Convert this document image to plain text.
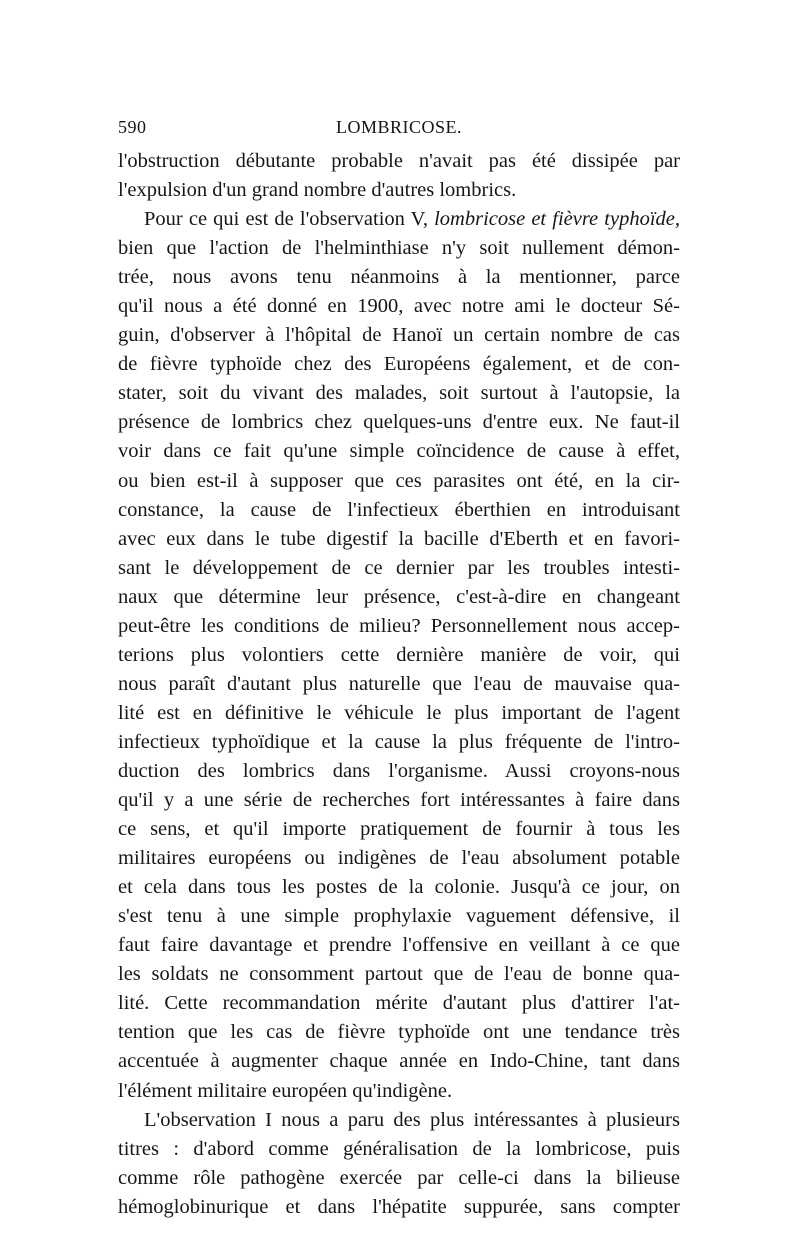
590	LOMBRICOSE.
l'obstruction débutante probable n'avait pas été dissipée par
l'expulsion d'un grand nombre d'autres lombrics.
Pour ce qui est de l'observation V, lombricose et fièvre typhoïde,
bien que l'action de l'helminthiase n'y soit nullement démon-
trée, nous avons tenu néanmoins à la mentionner, parce
qu'il nous a été donné en 1900, avec notre ami le docteur Sé-
guin, d'observer à l'hôpital de Hanoï un certain nombre de cas
de fièvre typhoïde chez des Européens également, et de con-
stater, soit du vivant des malades, soit surtout à l'autopsie, la
présence de lombrics chez quelques-uns d'entre eux. Ne faut-il
voir dans ce fait qu'une simple coïncidence de cause à effet,
ou bien est-il à supposer que ces parasites ont été, en la cir-
constance, la cause de l'infectieux éberthien en introduisant
avec eux dans le tube digestif la bacille d'Eberth et en favori-
sant le développement de ce dernier par les troubles intesti-
naux que détermine leur présence, c'est-à-dire en changeant
peut-être les conditions de milieu? Personnellement nous accep-
terions plus volontiers cette dernière manière de voir, qui
nous paraît d'autant plus naturelle que l'eau de mauvaise qua-
lité est en définitive le véhicule le plus important de l'agent
infectieux typhoïdique et la cause la plus fréquente de l'intro-
duction des lombrics dans l'organisme. Aussi croyons-nous
qu'il y a une série de recherches fort intéressantes à faire dans
ce sens, et qu'il importe pratiquement de fournir à tous les
militaires européens ou indigènes de l'eau absolument potable
et cela dans tous les postes de la colonie. Jusqu'à ce jour, on
s'est tenu à une simple prophylaxie vaguement défensive, il
faut faire davantage et prendre l'offensive en veillant à ce que
les soldats ne consomment partout que de l'eau de bonne qua-
lité. Cette recommandation mérite d'autant plus d'attirer l'at-
tention que les cas de fièvre typhoïde ont une tendance très
accentuée à augmenter chaque année en Indo-Chine, tant dans
l'élément militaire européen qu'indigène.
L'observation I nous a paru des plus intéressantes à plusieurs
titres : d'abord comme généralisation de la lombricose, puis
comme rôle pathogène exercée par celle-ci dans la bilieuse
hémoglobinurique et dans l'hépatite suppurée, sans compter
